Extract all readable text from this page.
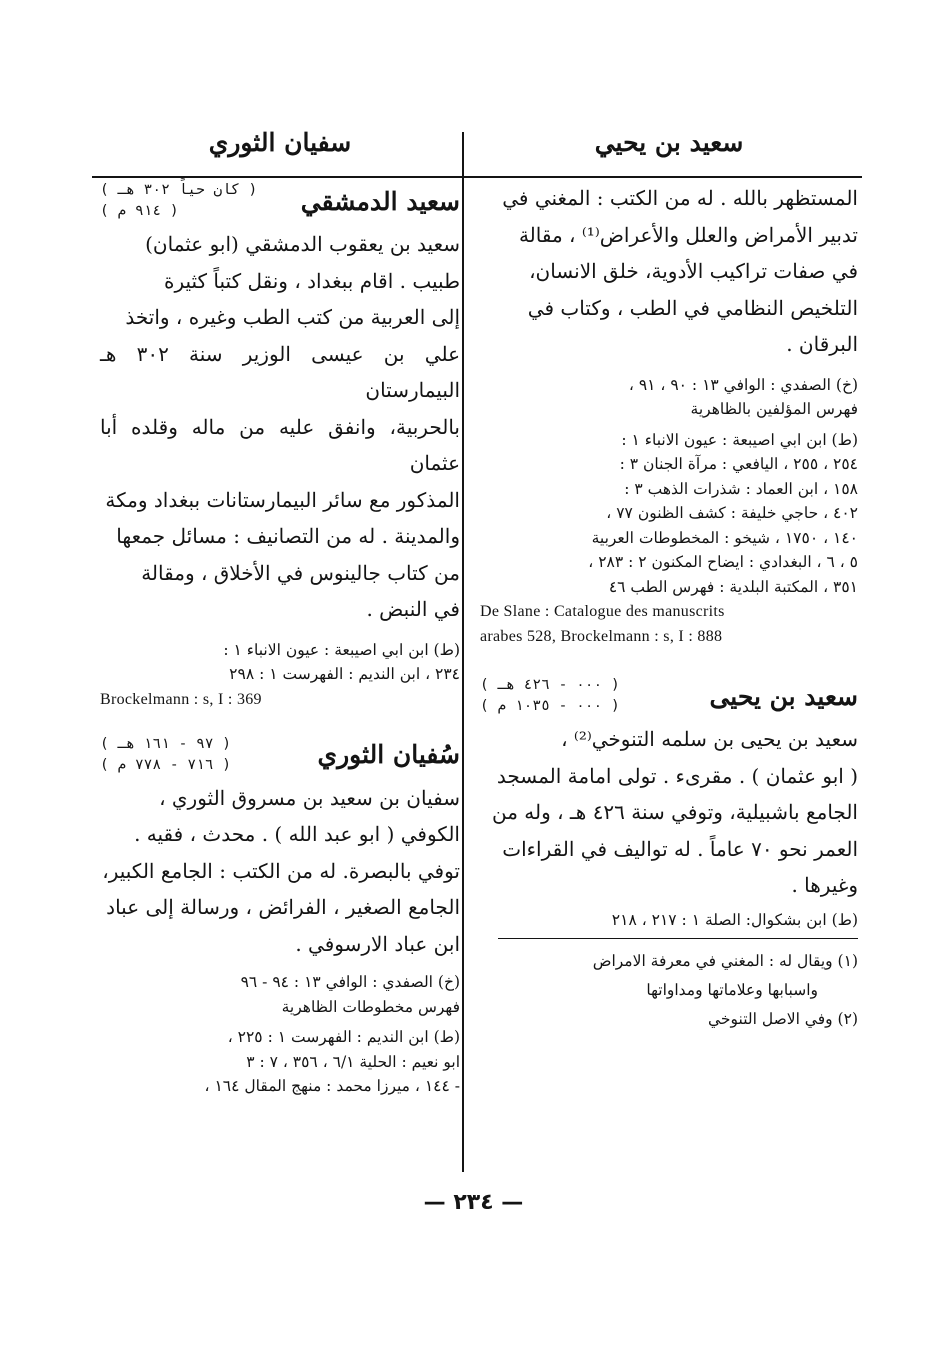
سعيد بن يحيي

المستظهر بالله . له من الكتب : المغني في

تدبير الأمراض والعلل والأعراض⁽¹⁾ ، مقالة

في صفات تراكيب الأدوية، خلق الانسان،

التلخيص النظامي في الطب ، وكتاب في

البرقان .

(خ) الصفدي : الوافي ١٣ : ٩٠ ، ٩١ ،

فهرس المؤلفين بالظاهرية

(ط) ابن ابي اصيبعة : عيون الانباء ١ :

٢٥٤ ، ٢٥٥ ، اليافعي : مرآة الجنان ٣ :

١٥٨ ، ابن العماد : شذرات الذهب ٣ :

٤٠٢ ، حاجي خليفة : كشف الظنون ٧٧ ،

١٤٠ ، ١٧٥٠ ، شيخو : المخطوطات العربية

٥ ، ٦ ، البغدادي : ايضاح المكنون ٢ : ٢٨٣ ،

٣٥١ ، المكتبة البلدية : فهرس الطب ٤٦

De Slane : Catalogue des manuscrits

arabes 528, Brockelmann : s, I : 888

سعيد بن يحيى
( ٠٠٠ - ٤٢٦ هـ )
( ٠٠٠ - ١٠٣٥ م )

سعيد بن يحيى بن سلمه التنوخي⁽²⁾ ،

( ابو عثمان ) . مقرىء . تولى امامة المسجد

الجامع باشبيلية، وتوفي سنة ٤٢٦ هـ ، وله من

العمر نحو ٧٠ عاماً . له تواليف في القراءات

وغيرها .

(ط) ابن بشكوال: الصلة ١ : ٢١٧ ، ٢١٨

(١) ويقال له : المغني في معرفة الامراض

واسبابها وعلاماتها ومداواتها

(٢) وفي الاصل التنوخي

سفيان الثوري
سعيد الدمشقي
( كان حياً ٣٠٢ هـ )
( ٩١٤ م )

سعيد بن يعقوب الدمشقي (ابو عثمان)

طبيب . اقام ببغداد ، ونقل كتباً كثيرة

إلى العربية من كتب الطب وغيره ، واتخذ

علي بن عيسى الوزير سنة ٣٠٢ هـ البيمارستان

بالحربية، وانفق عليه من ماله وقلده أبا عثمان

المذكور مع سائر البيمارستانات ببغداد ومكة

والمدينة . له من التصانيف : مسائل جمعها

من كتاب جالينوس في الأخلاق ، ومقالة

في النبض .

(ط) ابن ابي اصيبعة : عيون الانباء ١ :

٢٣٤ ، ابن النديم : الفهرست ١ : ٢٩٨

Brockelmann : s, I : 369

سُفيان الثوري
( ٩٧ - ١٦١ هـ )
( ٧١٦ - ٧٧٨ م )

سفيان بن سعيد بن مسروق الثوري ،

الكوفي ( ابو عبد الله ) . محدث ، فقيه .

توفي بالبصرة. له من الكتب : الجامع الكبير،

الجامع الصغير ، الفرائض ، ورسالة إلى عباد

ابن عباد الارسوفي .

(خ) الصفدي : الوافي ١٣ : ٩٤ - ٩٦

فهرس مخطوطات الظاهرية

(ط) ابن النديم : الفهرست ١ : ٢٢٥ ،

ابو نعيم : الحلية ٦/١ ، ٣٥٦ ، ٧ : ٣

- ١٤٤ ، ميرزا محمد : منهج المقال ١٦٤ ،

— ٢٣٤ —
